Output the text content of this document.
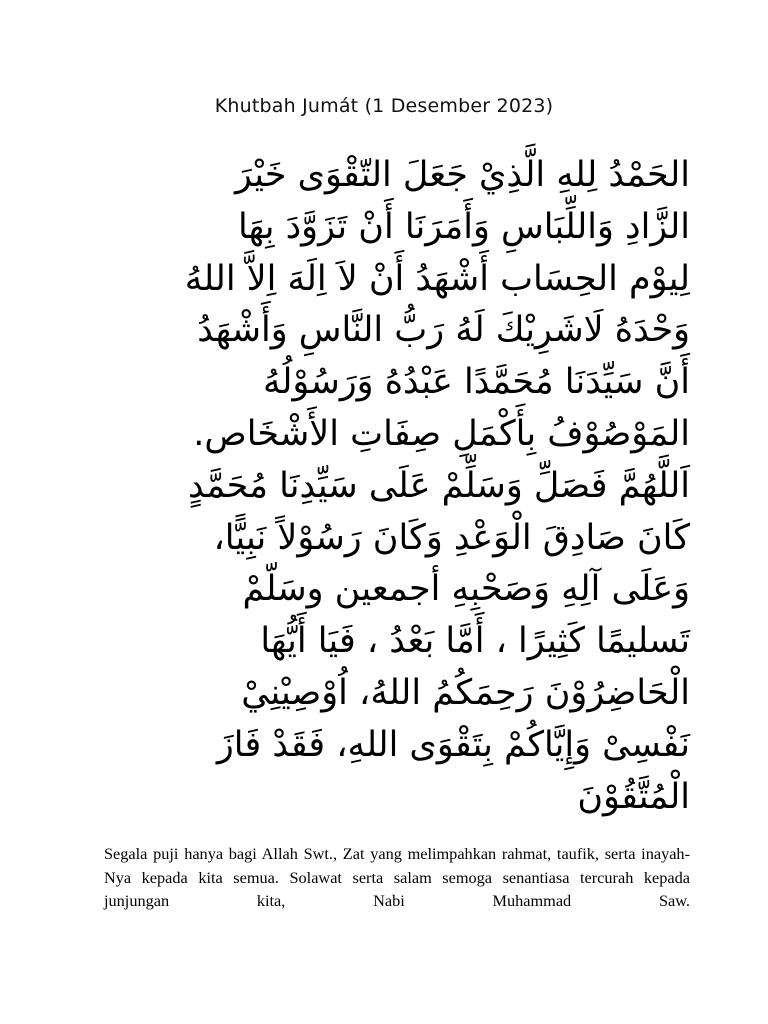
Khutbah Jumát (1 Desember 2023)
الحَمْدُ لِلهِ الَّذِيْ جَعَلَ التّقْوَى خَيْرَ
الزَّادِ وَاللِّبَاسِ وَأَمَرَنَا أَنْ تَزَوَّدَ بِهَا
لِيوْم الحِسَاب أَشْهَدُ أَنْ لاَ اِلَهَ اِلاَّ اللهُ
وَحْدَهُ لَاشَرِيْكَ لَهُ رَبُّ النَّاسِ وَأَشْهَدُ
أَنَّ سَيِّدَنَا مُحَمَّدًا عَبْدُهُ وَرَسُوْلُهُ
المَوْصُوْفُ بِأَكْمَلِ صِفَاتِ الأَشْخَاص.
اَللَّهُمَّ فَصَلِّ وَسَلِّمْ عَلَى سَيِّدِنَا مُحَمَّدٍ
كَانَ صَادِقَ الْوَعْدِ وَكَانَ رَسُوْلاً نَبِيًّا،
وَعَلَى آلِهِ وَصَحْبِهِ أجمعين وسَلّمْ
تَسليمًا كَثِيرًا ، أَمَّا بَعْدُ ، فَيَا أَيُّهَا
الْحَاضِرُوْنَ رَحِمَكُمُ اللهُ، اُوْصِيْنِيْ
نَفْسِىْ وَإِيَّاكُمْ بِتَقْوَى اللهِ، فَقَدْ فَازَ
الْمُتَّقُوْنَ

Segala puji hanya bagi Allah Swt., Zat yang melimpahkan rahmat, taufik, serta inayah-Nya kepada kita semua. Solawat serta salam semoga senantiasa tercurah kepada junjungan kita, Nabi Muhammad Saw.
